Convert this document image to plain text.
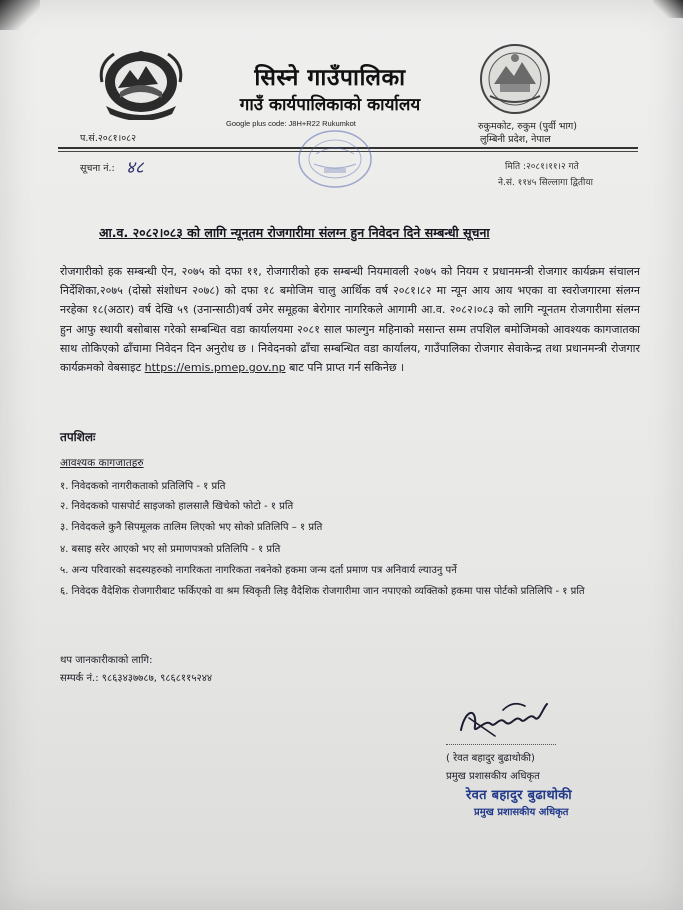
सिस्ने गाउँपालिका
गाउँ कार्यपालिकाको कार्यालय
Google plus code: J8H+R22 Rukumkot	रुकुमकोट, रुकुम (पुर्वी भाग)
लुम्बिनी प्रदेश, नेपाल
प.सं.२०८१।०८२
सूचना नं.: ४८	मिति :२०८१।११।२ गते
ने.सं. ११४५ सिल्लागा द्वितीया
आ.व. २०८२।०८३ को लागि न्यूनतम रोजगारीमा संलग्न हुन निवेदन दिने सम्बन्धी सूचना
रोजगारीको हक सम्बन्धी ऐन, २०७५ को दफा ११, रोजगारीको हक सम्बन्धी नियमावली २०७५ को नियम र प्रधानमन्त्री रोजगार कार्यक्रम संचालन निर्देशिका,२०७५ (दोस्रो संशोधन २०७८) को दफा १८ बमोजिम चालु आर्थिक वर्ष २०८१।८२ मा न्यून आय आय भएका वा स्वरोजगारमा संलग्न नरहेका १८(अठार) वर्ष देखि ५९ (उनान्साठी)वर्ष उमेर समूहका बेरोगार नागरिकले आगामी आ.व. २०८२।०८३ को लागि न्यूनतम रोजगारीमा संलग्न हुन आफु स्थायी बसोबास गरेको सम्बन्धित वडा कार्यालयमा २०८१ साल फाल्गुन महिनाको मसान्त सम्म तपशिल बमोजिमको आवश्यक कागजातका साथ तोकिएको ढाँचामा निवेदन दिन अनुरोध छ । निवेदनको ढाँचा सम्बन्धित वडा कार्यालय, गाउँपालिका रोजगार सेवाकेन्द्र तथा प्रधानमन्त्री रोजगार कार्यक्रमको वेबसाइट https://emis.pmep.gov.np बाट पनि प्राप्त गर्न सकिनेछ ।
तपशिलः
आवश्यक कागजातहरु
१. निवेदकको नागरीकताको प्रतिलिपि - १ प्रति
२. निवेदकको पासपोर्ट साइजको हालसालै खिचेको फोटो - १ प्रति
३. निवेदकले कुनै सिपमूलक तालिम लिएको भए सोको प्रतिलिपि – १ प्रति
४. बसाइ सरेर आएको भए सो प्रमाणपत्रको प्रतिलिपि - १ प्रति
५. अन्य परिवारको सदस्यहरुको नागरिकता नागरिकता नबनेको हकमा जन्म दर्ता प्रमाण पत्र अनिवार्य ल्याउनु पर्ने
६. निवेदक वैदेशिक रोजगारीबाट फर्किएको वा श्रम स्विकृती लिइ वैदेशिक रोजगारीमा जान नपाएको व्यक्तिको हकमा पास पोर्टको प्रतिलिपि - १ प्रति
थप जानकारीकाको लागि:
सम्पर्क नं.: ९८६३४३७७८७, ९८६८११५२४४
( रेवत बहादुर बुढाथोकी)
प्रमुख प्रशासकीय अधिकृत
रेवत बहादुर बुढाथोकी
प्रमुख प्रशासकीय अधिकृत
